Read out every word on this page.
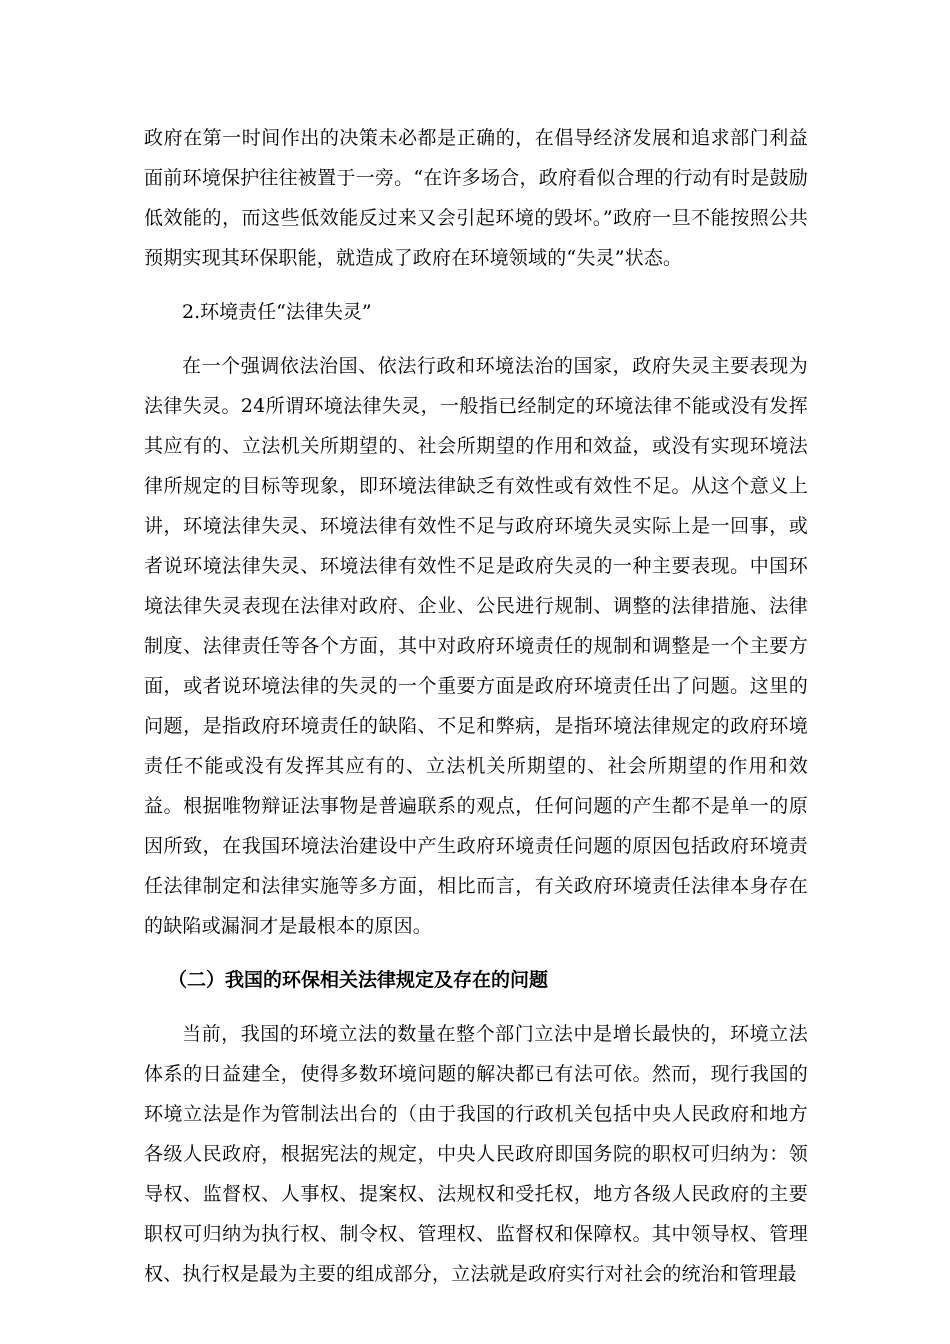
政府在第一时间作出的决策未必都是正确的，在倡导经济发展和追求部门利益面前环境保护往往被置于一旁。“在许多场合，政府看似合理的行动有时是鼓励低效能的，而这些低效能反过来又会引起环境的毁坏。”政府一旦不能按照公共预期实现其环保职能，就造成了政府在环境领域的“失灵”状态。

2.环境责任“法律失灵”

在一个强调依法治国、依法行政和环境法治的国家，政府失灵主要表现为法律失灵。24所谓环境法律失灵，一般指已经制定的环境法律不能或没有发挥其应有的、立法机关所期望的、社会所期望的作用和效益，或没有实现环境法律所规定的目标等现象，即环境法律缺乏有效性或有效性不足。从这个意义上讲，环境法律失灵、环境法律有效性不足与政府环境失灵实际上是一回事，或者说环境法律失灵、环境法律有效性不足是政府失灵的一种主要表现。中国环境法律失灵表现在法律对政府、企业、公民进行规制、调整的法律措施、法律制度、法律责任等各个方面，其中对政府环境责任的规制和调整是一个主要方面，或者说环境法律的失灵的一个重要方面是政府环境责任出了问题。这里的问题，是指政府环境责任的缺陷、不足和弊病，是指环境法律规定的政府环境责任不能或没有发挥其应有的、立法机关所期望的、社会所期望的作用和效益。根据唯物辩证法事物是普遍联系的观点，任何问题的产生都不是单一的原因所致，在我国环境法治建设中产生政府环境责任问题的原因包括政府环境责任法律制定和法律实施等多方面，相比而言，有关政府环境责任法律本身存在的缺陷或漏洞才是最根本的原因。

（二）我国的环保相关法律规定及存在的问题

当前，我国的环境立法的数量在整个部门立法中是增长最快的，环境立法体系的日益建全，使得多数环境问题的解决都已有法可依。然而，现行我国的环境立法是作为管制法出台的（由于我国的行政机关包括中央人民政府和地方各级人民政府，根据宪法的规定，中央人民政府即国务院的职权可归纳为：领导权、监督权、人事权、提案权、法规权和受托权，地方各级人民政府的主要职权可归纳为执行权、制令权、管理权、监督权和保障权。其中领导权、管理权、执行权是最为主要的组成部分，立法就是政府实行对社会的统治和管理最
